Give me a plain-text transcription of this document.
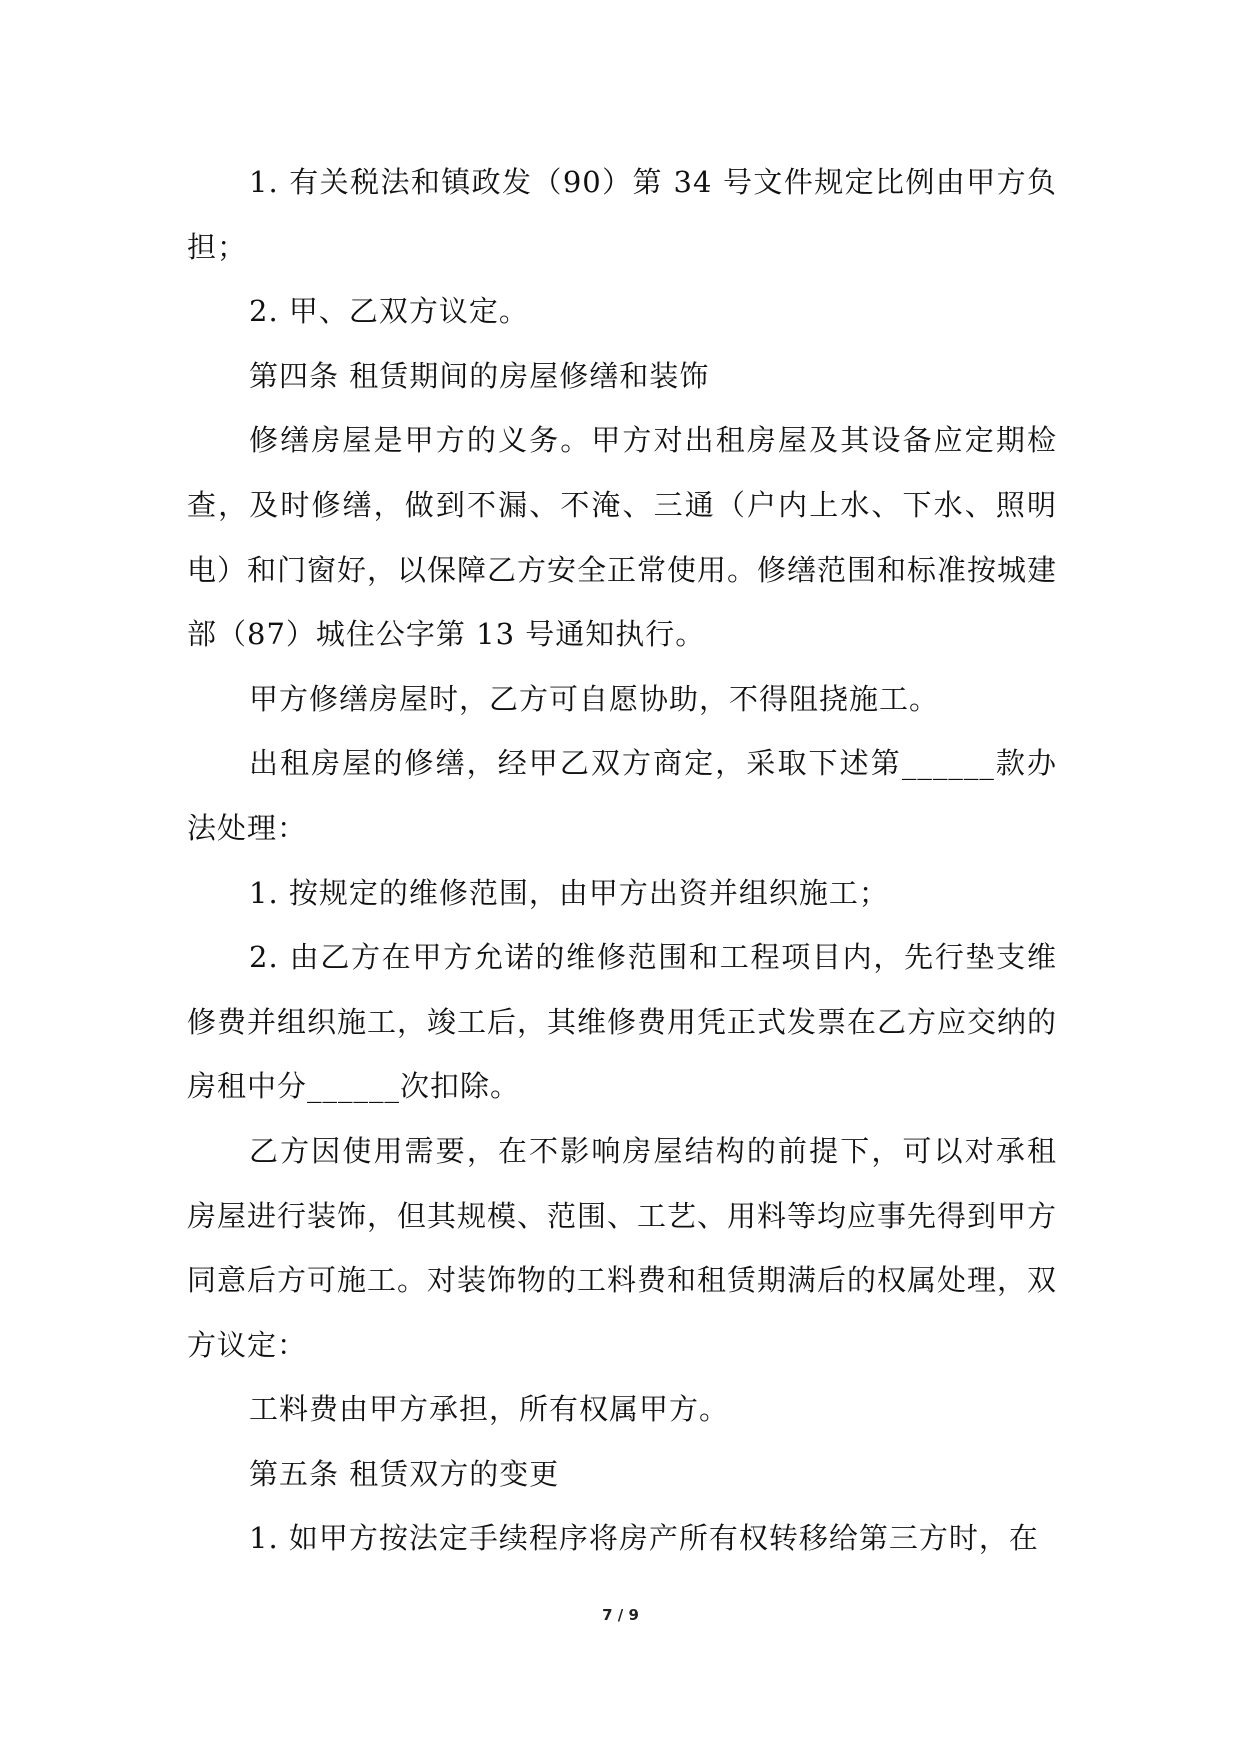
1. 有关税法和镇政发（90）第 34 号文件规定比例由甲方负担；

2. 甲、乙双方议定。

第四条 租赁期间的房屋修缮和装饰

修缮房屋是甲方的义务。甲方对出租房屋及其设备应定期检查，及时修缮，做到不漏、不淹、三通（户内上水、下水、照明电）和门窗好，以保障乙方安全正常使用。修缮范围和标准按城建部（87）城住公字第 13 号通知执行。

甲方修缮房屋时，乙方可自愿协助，不得阻挠施工。

出租房屋的修缮，经甲乙双方商定，采取下述第______款办法处理：

1. 按规定的维修范围，由甲方出资并组织施工；

2. 由乙方在甲方允诺的维修范围和工程项目内，先行垫支维修费并组织施工，竣工后，其维修费用凭正式发票在乙方应交纳的房租中分______次扣除。

乙方因使用需要，在不影响房屋结构的前提下，可以对承租房屋进行装饰，但其规模、范围、工艺、用料等均应事先得到甲方同意后方可施工。对装饰物的工料费和租赁期满后的权属处理，双方议定：

工料费由甲方承担，所有权属甲方。

第五条 租赁双方的变更

1. 如甲方按法定手续程序将房产所有权转移给第三方时，在

7 / 9
